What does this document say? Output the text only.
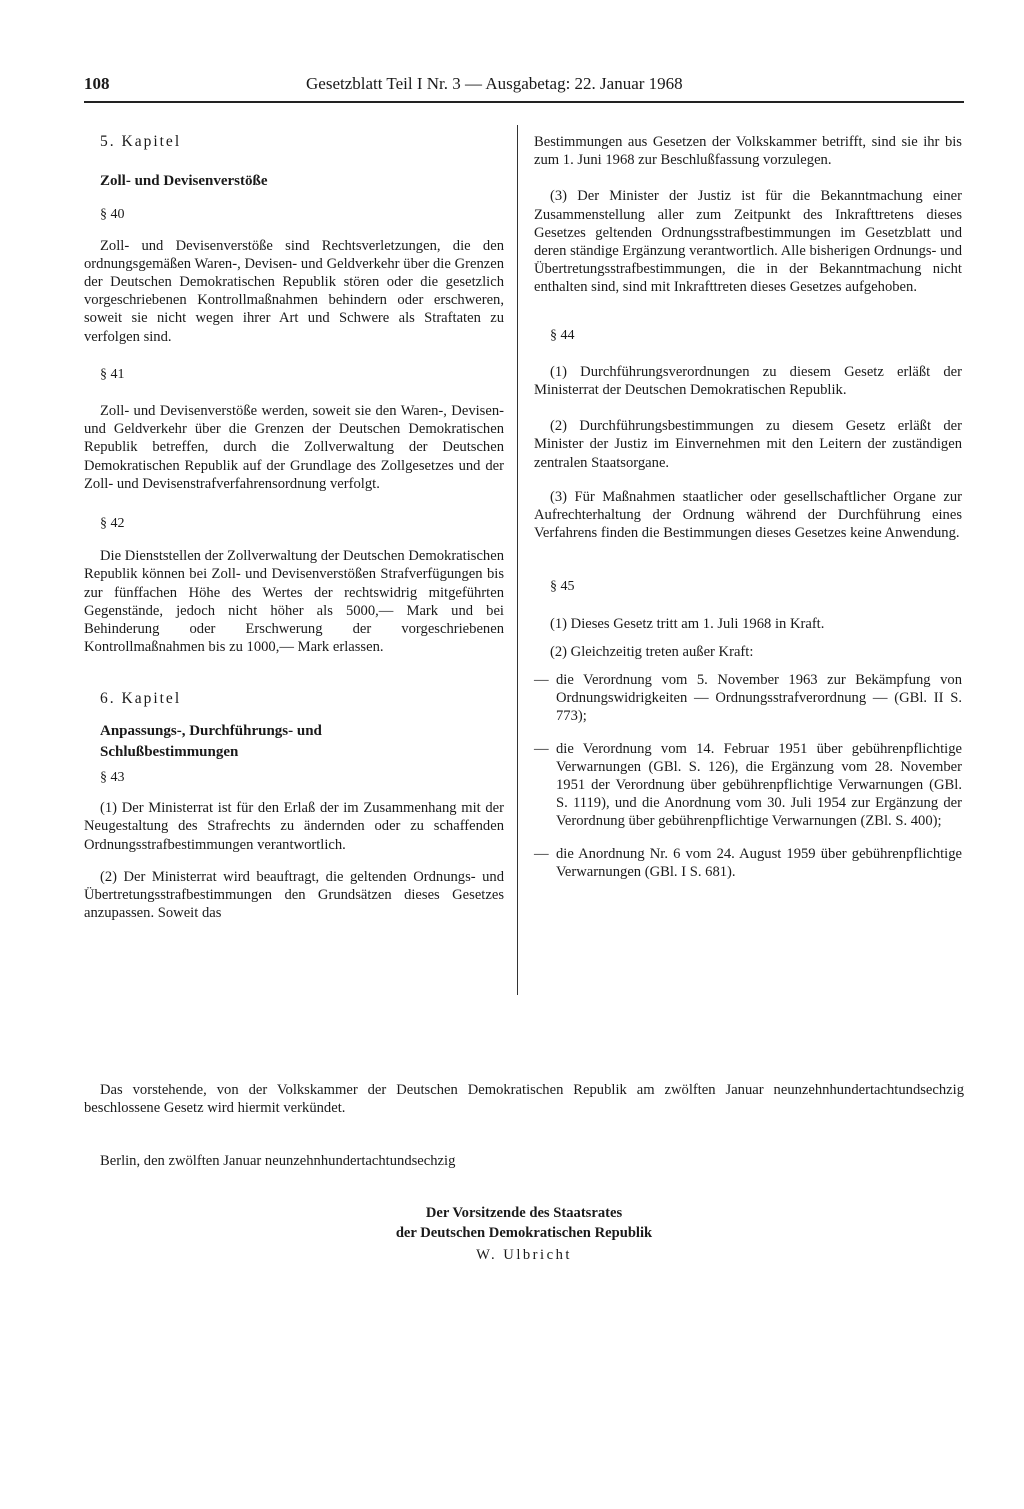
108	Gesetzblatt Teil I Nr. 3 — Ausgabetag: 22. Januar 1968

5. Kapitel

Zoll- und Devisenverstöße

§ 40

Zoll- und Devisenverstöße sind Rechtsverletzungen, die den ordnungsgemäßen Waren-, Devisen- und Geldverkehr über die Grenzen der Deutschen Demokratischen Republik stören oder die gesetzlich vorgeschriebenen Kontrollmaßnahmen behindern oder erschweren, soweit sie nicht wegen ihrer Art und Schwere als Straftaten zu verfolgen sind.

§ 41

Zoll- und Devisenverstöße werden, soweit sie den Waren-, Devisen- und Geldverkehr über die Grenzen der Deutschen Demokratischen Republik betreffen, durch die Zollverwaltung der Deutschen Demokratischen Republik auf der Grundlage des Zollgesetzes und der Zoll- und Devisenstrafverfahrensordnung verfolgt.

§ 42

Die Dienststellen der Zollverwaltung der Deutschen Demokratischen Republik können bei Zoll- und Devisenverstößen Strafverfügungen bis zur fünffachen Höhe des Wertes der rechtswidrig mitgeführten Gegenstände, jedoch nicht höher als 5000,— Mark und bei Behinderung oder Erschwerung der vorgeschriebenen Kontrollmaßnahmen bis zu 1000,— Mark erlassen.

6. Kapitel

Anpassungs-, Durchführungs- und

Schlußbestimmungen

§ 43

(1) Der Ministerrat ist für den Erlaß der im Zusammenhang mit der Neugestaltung des Strafrechts zu ändernden oder zu schaffenden Ordnungsstrafbestimmungen verantwortlich.

(2) Der Ministerrat wird beauftragt, die geltenden Ordnungs- und Übertretungsstrafbestimmungen den Grundsätzen dieses Gesetzes anzupassen. Soweit das

Bestimmungen aus Gesetzen der Volkskammer betrifft, sind sie ihr bis zum 1. Juni 1968 zur Beschlußfassung vorzulegen.

(3) Der Minister der Justiz ist für die Bekanntmachung einer Zusammenstellung aller zum Zeitpunkt des Inkrafttretens dieses Gesetzes geltenden Ordnungsstrafbestimmungen im Gesetzblatt und deren ständige Ergänzung verantwortlich. Alle bisherigen Ordnungs- und Übertretungsstrafbestimmungen, die in der Bekanntmachung nicht enthalten sind, sind mit Inkrafttreten dieses Gesetzes aufgehoben.

§ 44

(1) Durchführungsverordnungen zu diesem Gesetz erläßt der Ministerrat der Deutschen Demokratischen Republik.

(2) Durchführungsbestimmungen zu diesem Gesetz erläßt der Minister der Justiz im Einvernehmen mit den Leitern der zuständigen zentralen Staatsorgane.

(3) Für Maßnahmen staatlicher oder gesellschaftlicher Organe zur Aufrechterhaltung der Ordnung während der Durchführung eines Verfahrens finden die Bestimmungen dieses Gesetzes keine Anwendung.

§ 45

(1) Dieses Gesetz tritt am 1. Juli 1968 in Kraft.

(2) Gleichzeitig treten außer Kraft:

— die Verordnung vom 5. November 1963 zur Bekämpfung von Ordnungswidrigkeiten — Ordnungsstrafverordnung — (GBl. II S. 773);
— die Verordnung vom 14. Februar 1951 über gebührenpflichtige Verwarnungen (GBl. S. 126), die Ergänzung vom 28. November 1951 der Verordnung über gebührenpflichtige Verwarnungen (GBl. S. 1119), und die Anordnung vom 30. Juli 1954 zur Ergänzung der Verordnung über gebührenpflichtige Verwarnungen (ZBl. S. 400);
— die Anordnung Nr. 6 vom 24. August 1959 über gebührenpflichtige Verwarnungen (GBl. I S. 681).

Das vorstehende, von der Volkskammer der Deutschen Demokratischen Republik am zwölften Januar neunzehnhundertachtundsechzig beschlossene Gesetz wird hiermit verkündet.

Berlin, den zwölften Januar neunzehnhundertachtundsechzig

Der Vorsitzende des Staatsrates
der Deutschen Demokratischen Republik
W. Ulbricht
